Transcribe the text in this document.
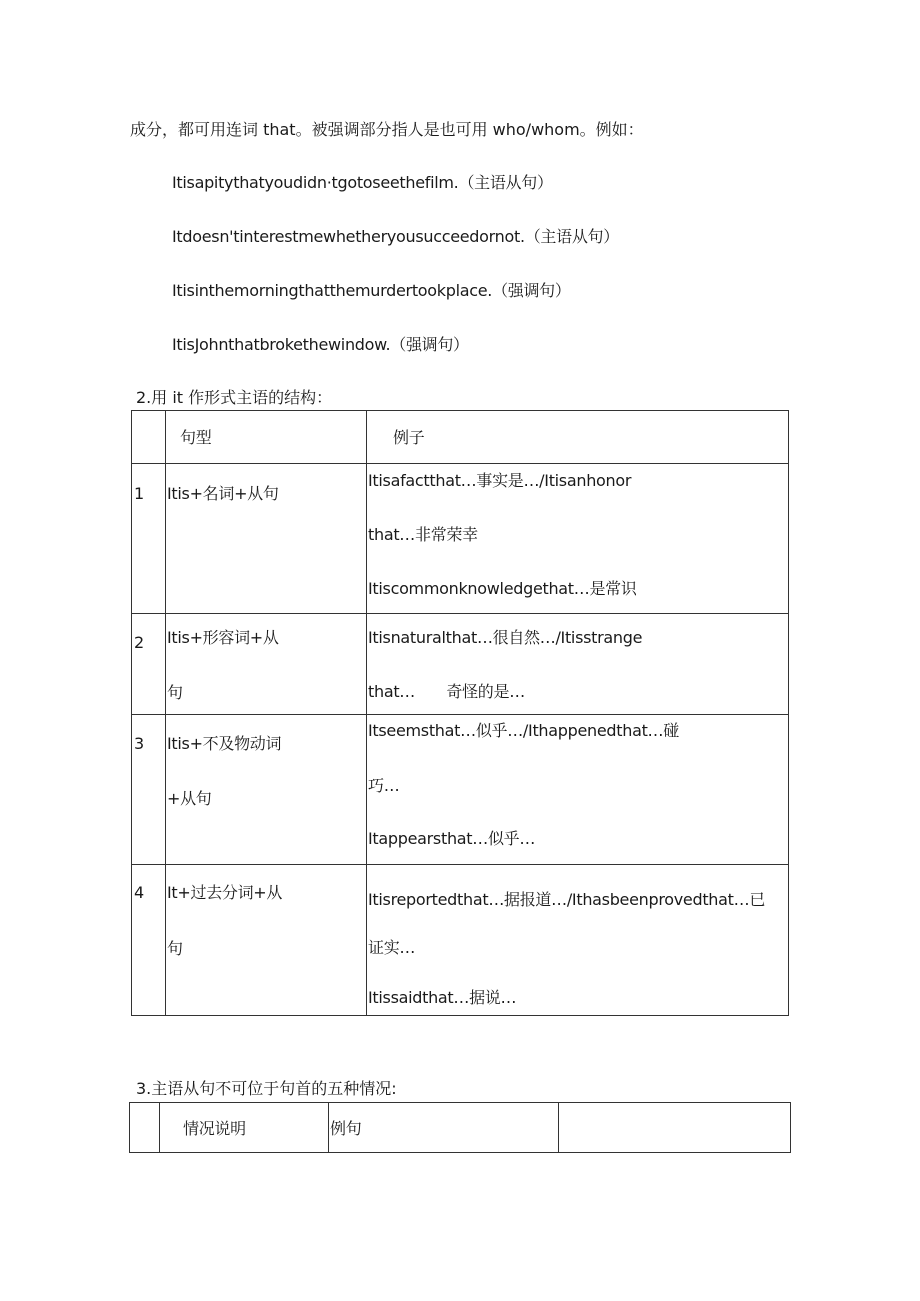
成分，都可用连词 that。被强调部分指人是也可用 who/whom。例如：
Itisapitythatyoudidn·tgotoseethefilm.（主语从句）
Itdoesn'tinterestmewhetheryousucceedornot.（主语从句）
Itisinthemorningthatthemurdertookplace.（强调句）
ItisJohnthatbrokethewindow.（强调句）
2.用 it 作形式主语的结构：

	句型	例子

1	Itis+名词+从句	Itisafactthat…事实是…/Itisanhonor
that…非常荣幸
Itiscommonknowledgethat…是常识

2	Itis+形容词+从
句	Itisnaturalthat…很自然…/Itisstrange
that…　　奇怪的是…

3	Itis+不及物动词
+从句	Itseemsthat…似乎…/Ithappenedthat…碰
巧…
Itappearsthat…似乎…

4	It+过去分词+从
句	Itisreportedthat…据报道…/Ithasbeenprovedthat…已
证实…
Itissaidthat…据说…
3.主语从句不可位于句首的五种情况:

情况说明	例句
